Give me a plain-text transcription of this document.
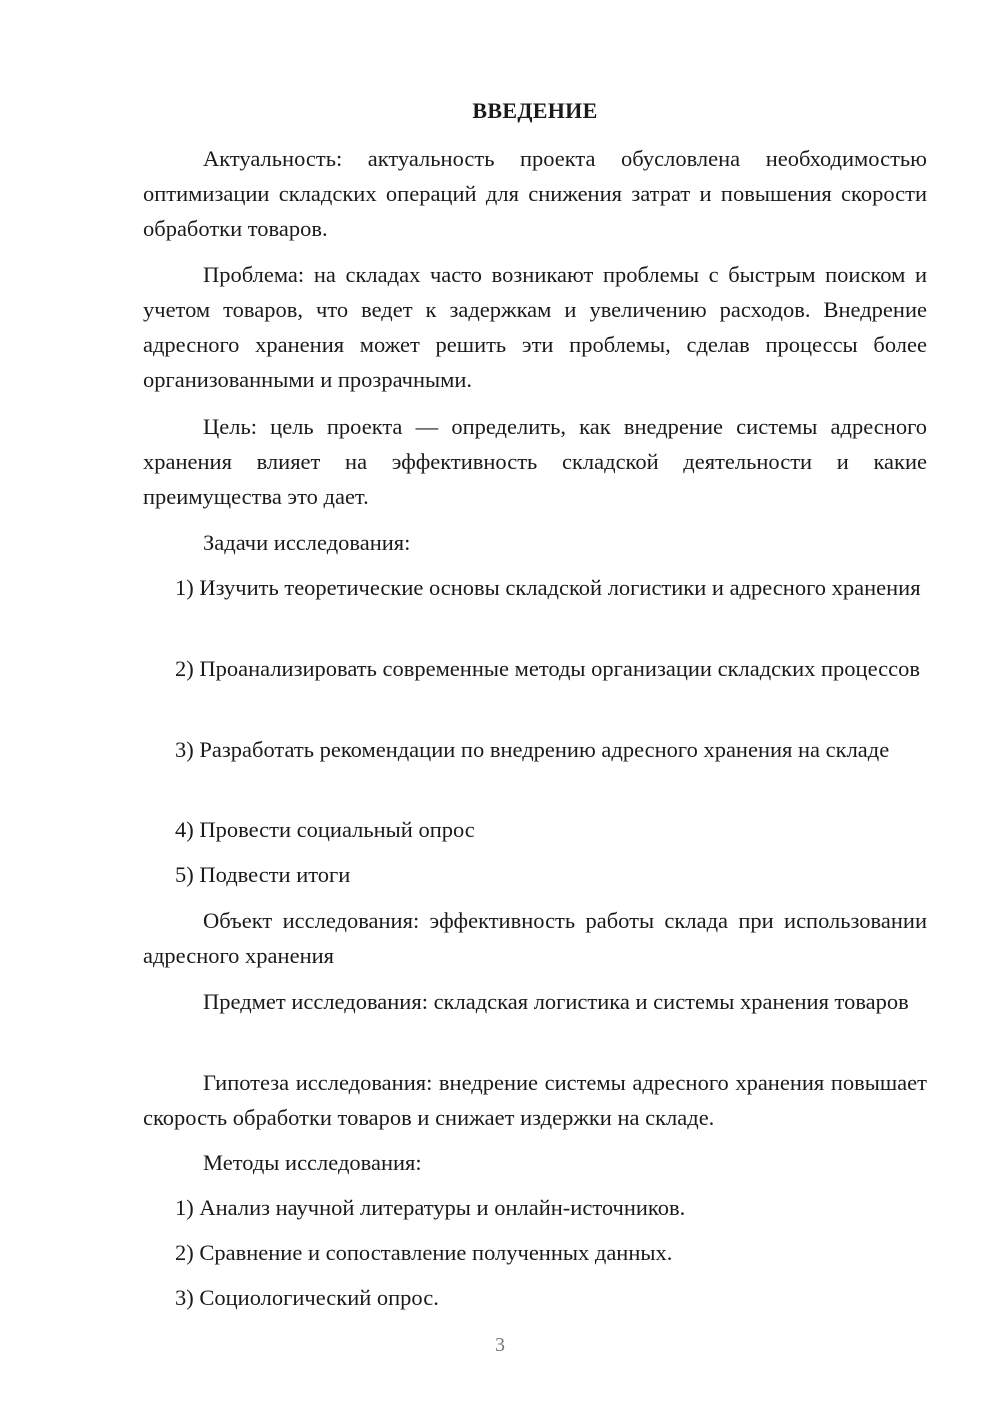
ВВЕДЕНИЕ

Актуальность: актуальность проекта обусловлена необходимостью оптимизации складских операций для снижения затрат и повышения скорости обработки товаров.

Проблема: на складах часто возникают проблемы с быстрым поиском и учетом товаров, что ведет к задержкам и увеличению расходов. Внедрение адресного хранения может решить эти проблемы, сделав процессы более организованными и прозрачными.

Цель: цель проекта — определить, как внедрение системы адресного хранения влияет на эффективность складской деятельности и какие преимущества это дает.

Задачи исследования:

1) Изучить теоретические основы складской логистики и адресного хранения

2) Проанализировать современные методы организации складских процессов

3) Разработать рекомендации по внедрению адресного хранения на складе

4) Провести социальный опрос

5) Подвести итоги

Объект исследования: эффективность работы склада при использовании адресного хранения

Предмет исследования: складская логистика и системы хранения товаров

Гипотеза исследования: внедрение системы адресного хранения повышает скорость обработки товаров и снижает издержки на складе.

Методы исследования:

1) Анализ научной литературы и онлайн-источников.

2) Сравнение и сопоставление полученных данных.

3) Социологический опрос.

3
